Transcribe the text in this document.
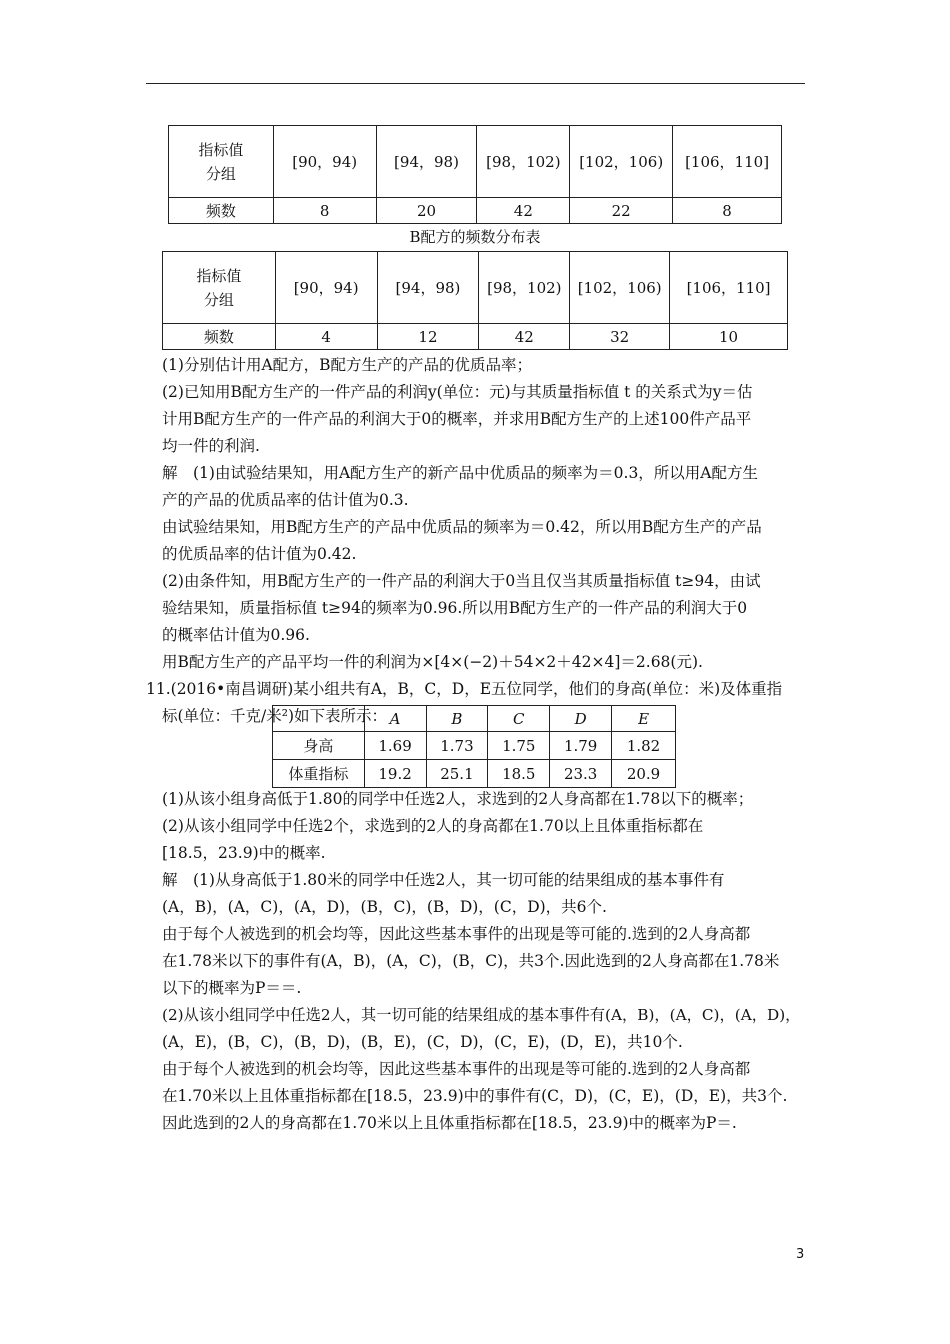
指标值
分组	[90，94)	[94，98)	[98，102)	[102，106)	[106，110]
频数	8	20	42	22	8
B配方的频数分布表
指标值
分组	[90，94)	[94，98)	[98，102)	[102，106)	[106，110]
频数	4	12	42	32	10
(1)分别估计用A配方，B配方生产的产品的优质品率；
(2)已知用B配方生产的一件产品的利润y(单位：元)与其质量指标值 t 的关系式为y＝估
计用B配方生产的一件产品的利润大于0的概率，并求用B配方生产的上述100件产品平
均一件的利润.
解　(1)由试验结果知，用A配方生产的新产品中优质品的频率为＝0.3，所以用A配方生
产的产品的优质品率的估计值为0.3.
由试验结果知，用B配方生产的产品中优质品的频率为＝0.42，所以用B配方生产的产品
的优质品率的估计值为0.42.
(2)由条件知，用B配方生产的一件产品的利润大于0当且仅当其质量指标值 t≥94，由试
验结果知，质量指标值 t≥94的频率为0.96.所以用B配方生产的一件产品的利润大于0
的概率估计值为0.96.
用B配方生产的产品平均一件的利润为×[4×(−2)＋54×2＋42×4]＝2.68(元).
11.(2016•南昌调研)某小组共有A，B，C，D，E五位同学，他们的身高(单位：米)及体重指
标(单位：千克/米²)如下表所示：
	A	B	C	D	E
身高	1.69	1.73	1.75	1.79	1.82
体重指标	19.2	25.1	18.5	23.3	20.9
(1)从该小组身高低于1.80的同学中任选2人，求选到的2人身高都在1.78以下的概率；
(2)从该小组同学中任选2个，求选到的2人的身高都在1.70以上且体重指标都在
[18.5，23.9)中的概率.
解　(1)从身高低于1.80米的同学中任选2人，其一切可能的结果组成的基本事件有
(A，B)，(A，C)，(A，D)，(B，C)，(B，D)，(C，D)，共6个.
由于每个人被选到的机会均等，因此这些基本事件的出现是等可能的.选到的2人身高都
在1.78米以下的事件有(A，B)，(A，C)，(B，C)，共3个.因此选到的2人身高都在1.78米
以下的概率为P＝＝.
(2)从该小组同学中任选2人，其一切可能的结果组成的基本事件有(A，B)，(A，C)，(A，D)，
(A，E)，(B，C)，(B，D)，(B，E)，(C，D)，(C，E)，(D，E)，共10个.
由于每个人被选到的机会均等，因此这些基本事件的出现是等可能的.选到的2人身高都
在1.70米以上且体重指标都在[18.5，23.9)中的事件有(C，D)，(C，E)，(D，E)，共3个.
因此选到的2人的身高都在1.70米以上且体重指标都在[18.5，23.9)中的概率为P＝.
3
